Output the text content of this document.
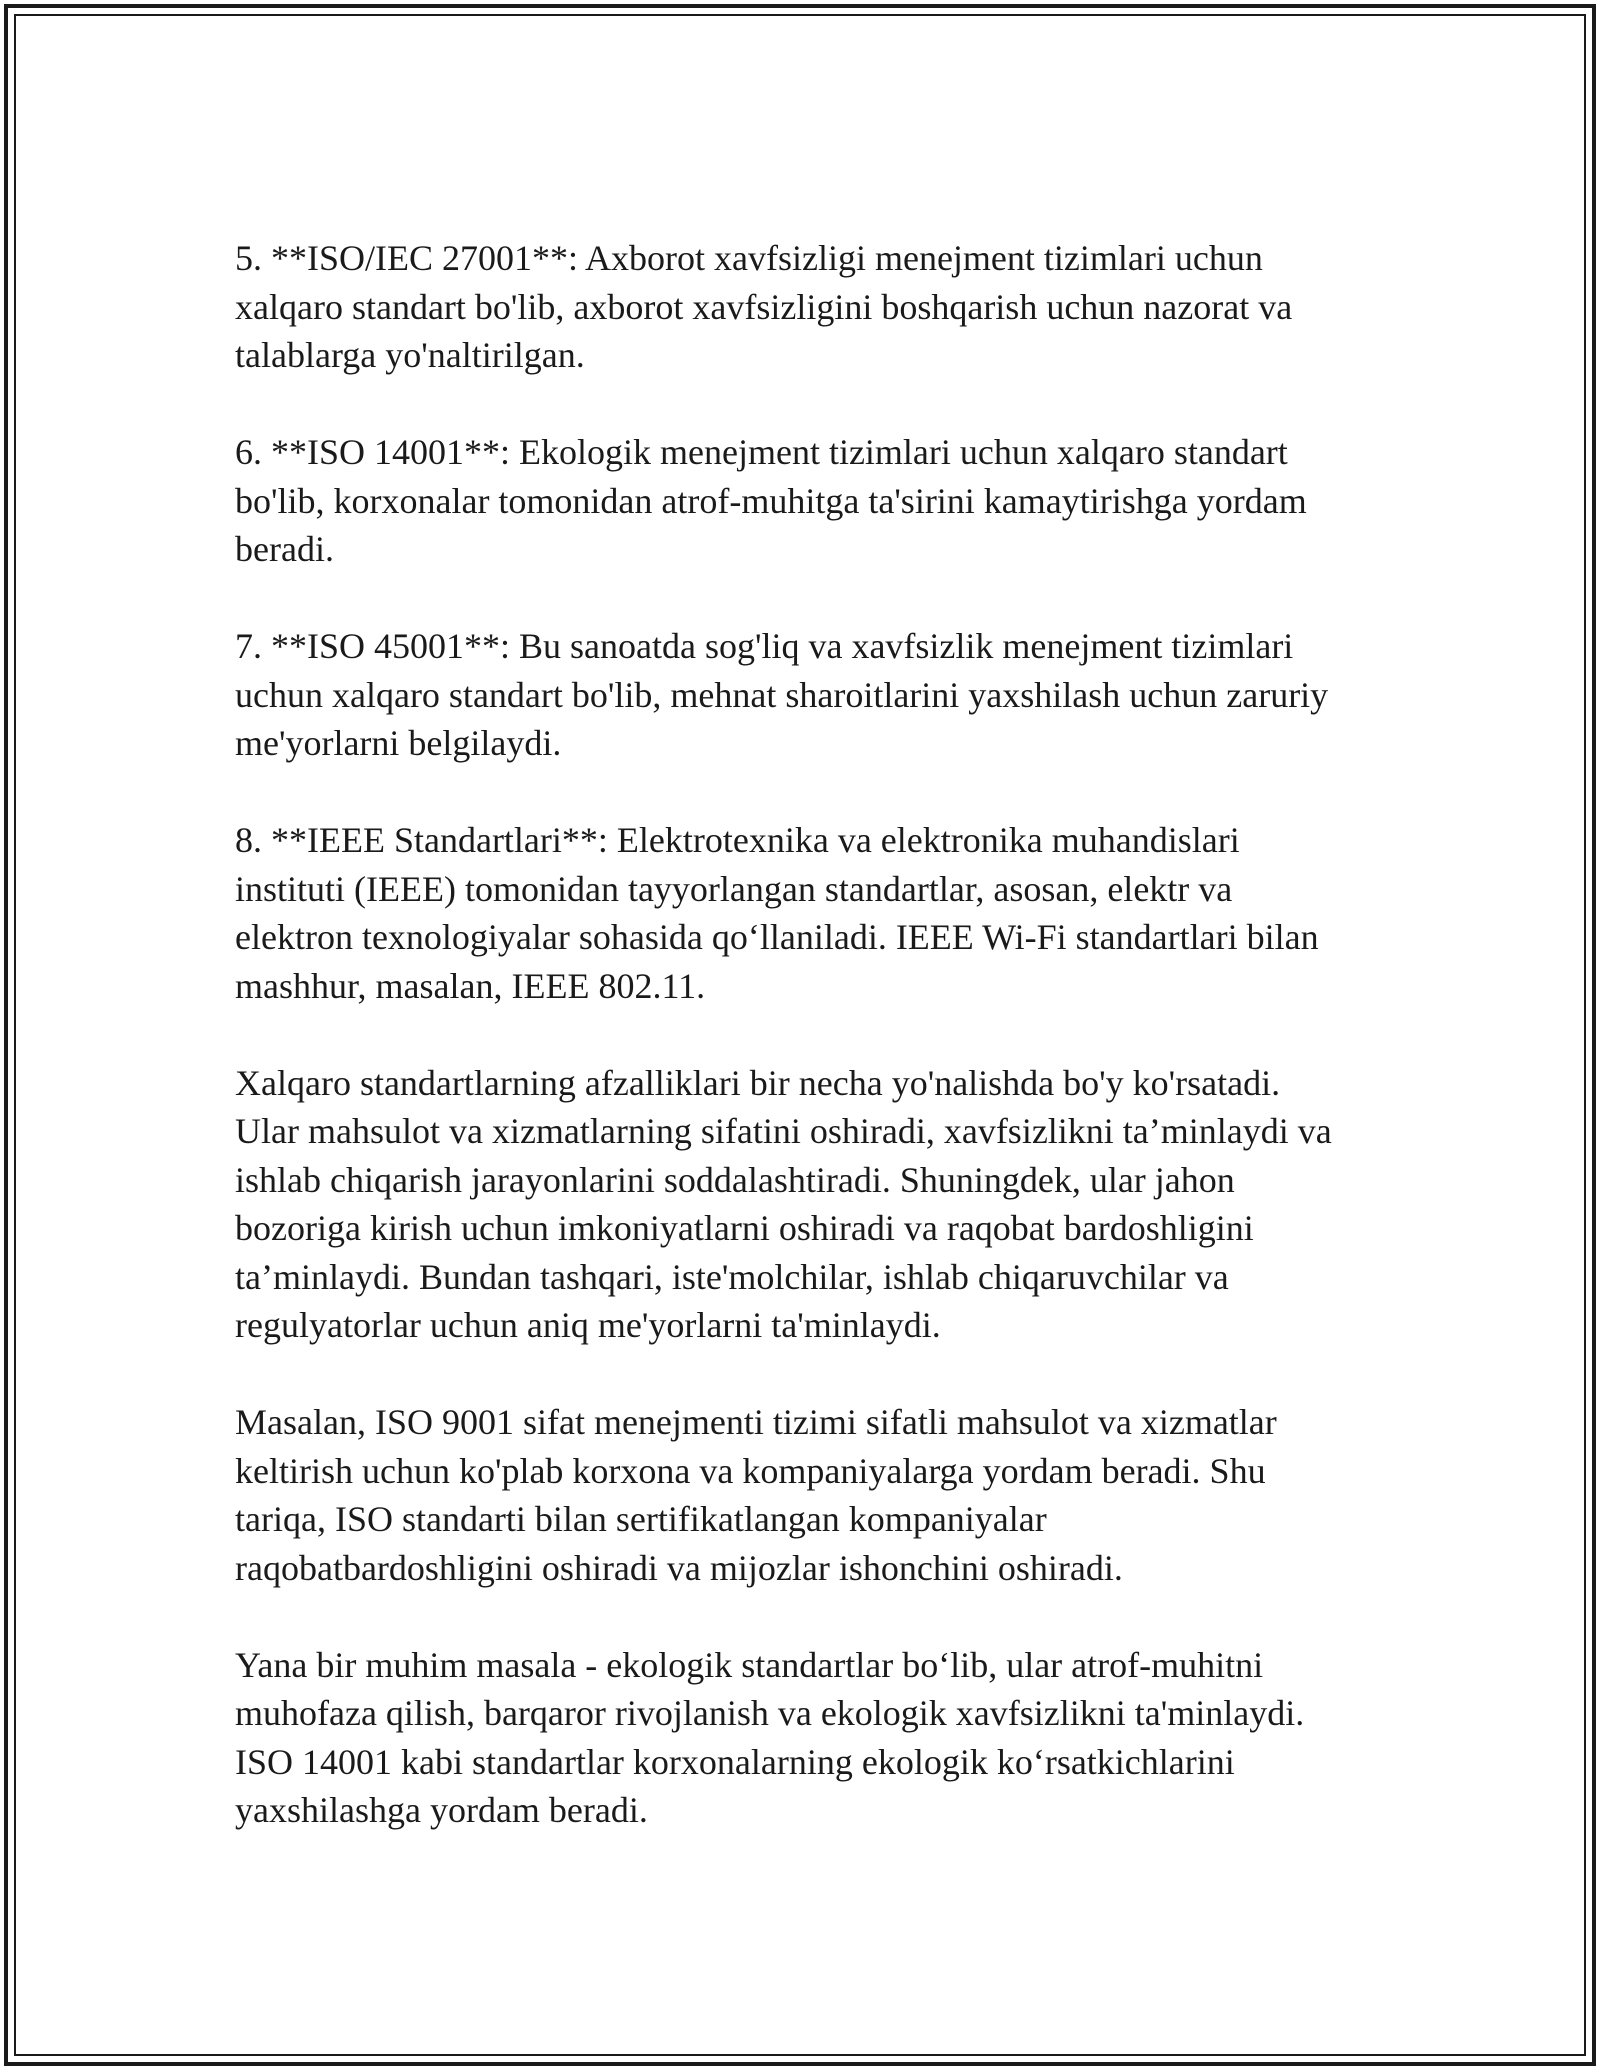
5. **ISO/IEC 27001**: Axborot xavfsizligi menejment tizimlari uchun
xalqaro standart bo'lib, axborot xavfsizligini boshqarish uchun nazorat va
talablarga yo'naltirilgan.

6. **ISO 14001**: Ekologik menejment tizimlari uchun xalqaro standart
bo'lib, korxonalar tomonidan atrof-muhitga ta'sirini kamaytirishga yordam
beradi.

7. **ISO 45001**: Bu sanoatda sog'liq va xavfsizlik menejment tizimlari
uchun xalqaro standart bo'lib, mehnat sharoitlarini yaxshilash uchun zaruriy
me'yorlarni belgilaydi.

8. **IEEE Standartlari**: Elektrotexnika va elektronika muhandislari
instituti (IEEE) tomonidan tayyorlangan standartlar, asosan, elektr va
elektron texnologiyalar sohasida qo‘llaniladi. IEEE Wi-Fi standartlari bilan
mashhur, masalan, IEEE 802.11.

Xalqaro standartlarning afzalliklari bir necha yo'nalishda bo'y ko'rsatadi.
Ular mahsulot va xizmatlarning sifatini oshiradi, xavfsizlikni ta’minlaydi va
ishlab chiqarish jarayonlarini soddalashtiradi. Shuningdek, ular jahon
bozoriga kirish uchun imkoniyatlarni oshiradi va raqobat bardoshligini
ta’minlaydi. Bundan tashqari, iste'molchilar, ishlab chiqaruvchilar va
regulyatorlar uchun aniq me'yorlarni ta'minlaydi.

Masalan, ISO 9001 sifat menejmenti tizimi sifatli mahsulot va xizmatlar
keltirish uchun ko'plab korxona va kompaniyalarga yordam beradi. Shu
tariqa, ISO standarti bilan sertifikatlangan kompaniyalar
raqobatbardoshligini oshiradi va mijozlar ishonchini oshiradi.

Yana bir muhim masala - ekologik standartlar bo‘lib, ular atrof-muhitni
muhofaza qilish, barqaror rivojlanish va ekologik xavfsizlikni ta'minlaydi.
ISO 14001 kabi standartlar korxonalarning ekologik ko‘rsatkichlarini
yaxshilashga yordam beradi.
